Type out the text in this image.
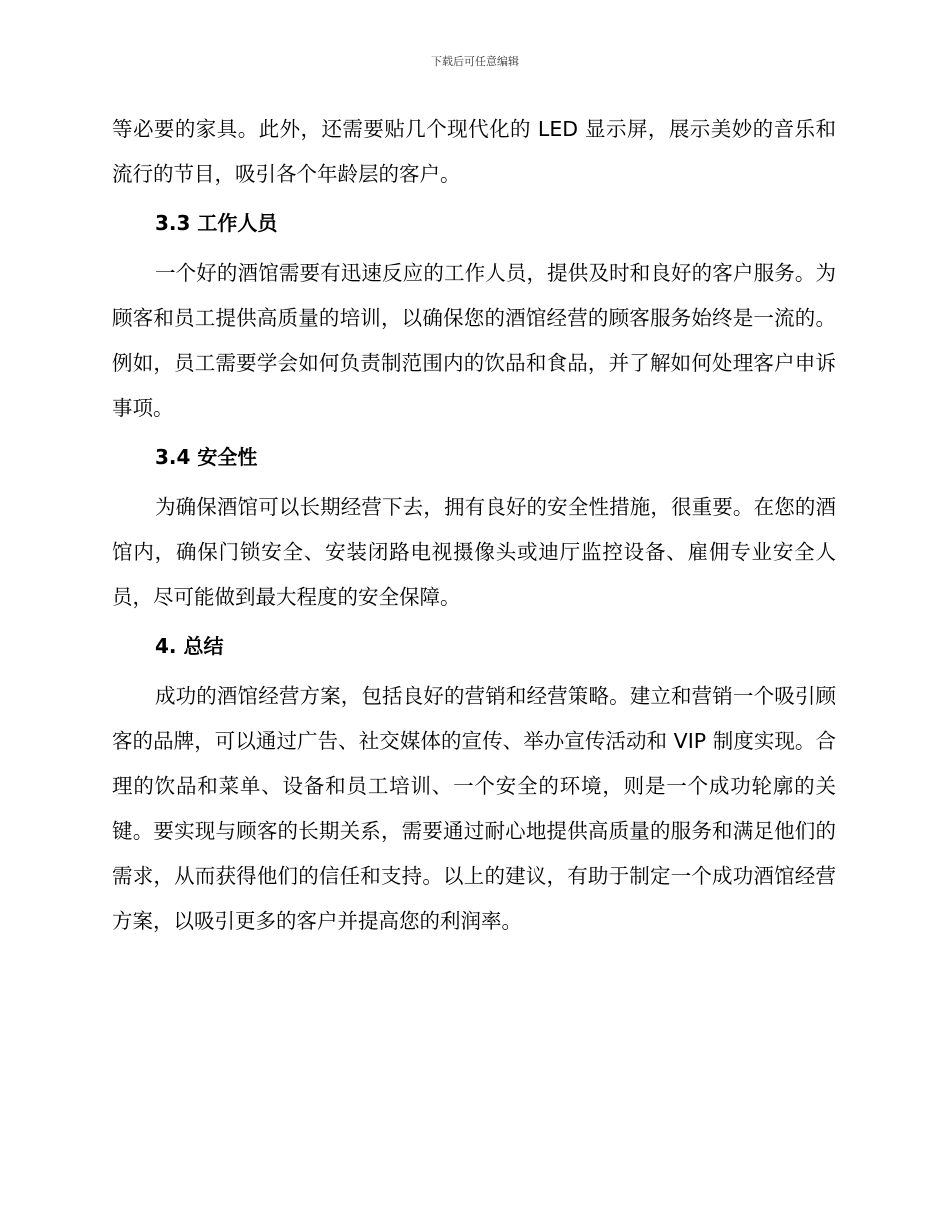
下载后可任意编辑

等必要的家具。此外，还需要贴几个现代化的 LED 显示屏，展示美妙的音乐和流行的节目，吸引各个年龄层的客户。

3.3 工作人员

一个好的酒馆需要有迅速反应的工作人员，提供及时和良好的客户服务。为顾客和员工提供高质量的培训，以确保您的酒馆经营的顾客服务始终是一流的。例如，员工需要学会如何负责制范围内的饮品和食品，并了解如何处理客户申诉事项。

3.4 安全性

为确保酒馆可以长期经营下去，拥有良好的安全性措施，很重要。在您的酒馆内，确保门锁安全、安装闭路电视摄像头或迪厅监控设备、雇佣专业安全人员，尽可能做到最大程度的安全保障。

4. 总结

成功的酒馆经营方案，包括良好的营销和经营策略。建立和营销一个吸引顾客的品牌，可以通过广告、社交媒体的宣传、举办宣传活动和 VIP 制度实现。合理的饮品和菜单、设备和员工培训、一个安全的环境，则是一个成功轮廓的关键。要实现与顾客的长期关系，需要通过耐心地提供高质量的服务和满足他们的需求，从而获得他们的信任和支持。以上的建议，有助于制定一个成功酒馆经营方案，以吸引更多的客户并提高您的利润率。
